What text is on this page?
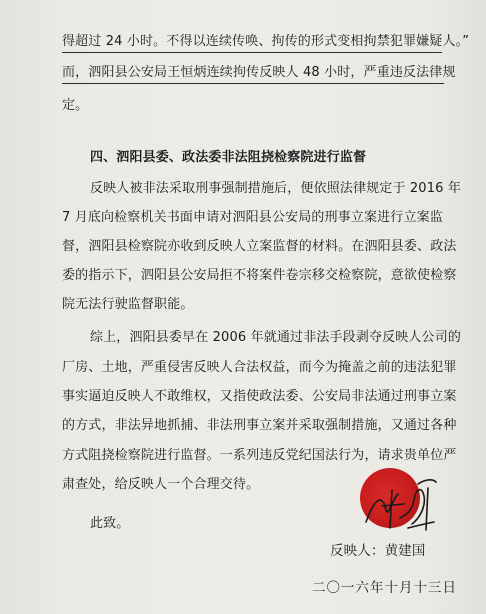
得超过 24 小时。不得以连续传唤、拘传的形式变相拘禁犯罪嫌疑人。”
而，泗阳县公安局王恒炳连续拘传反映人 48 小时，严重违反法律规
定。
四、泗阳县委、政法委非法阻挠检察院进行监督
反映人被非法采取刑事强制措施后，便依照法律规定于 2016 年
7 月底向检察机关书面申请对泗阳县公安局的刑事立案进行立案监
督，泗阳县检察院亦收到反映人立案监督的材料。在泗阳县委、政法
委的指示下，泗阳县公安局拒不将案件卷宗移交检察院，意欲使检察
院无法行驶监督职能。
综上，泗阳县委早在 2006 年就通过非法手段剥夺反映人公司的
厂房、土地，严重侵害反映人合法权益，而今为掩盖之前的违法犯罪
事实逼迫反映人不敢维权，又指使政法委、公安局非法通过刑事立案
的方式，非法异地抓捕、非法刑事立案并采取强制措施，又通过各种
方式阻挠检察院进行监督。一系列违反党纪国法行为，请求贵单位严
肃查处，给反映人一个合理交待。
此致。
反映人：黄建国
二〇一六年十月十三日
